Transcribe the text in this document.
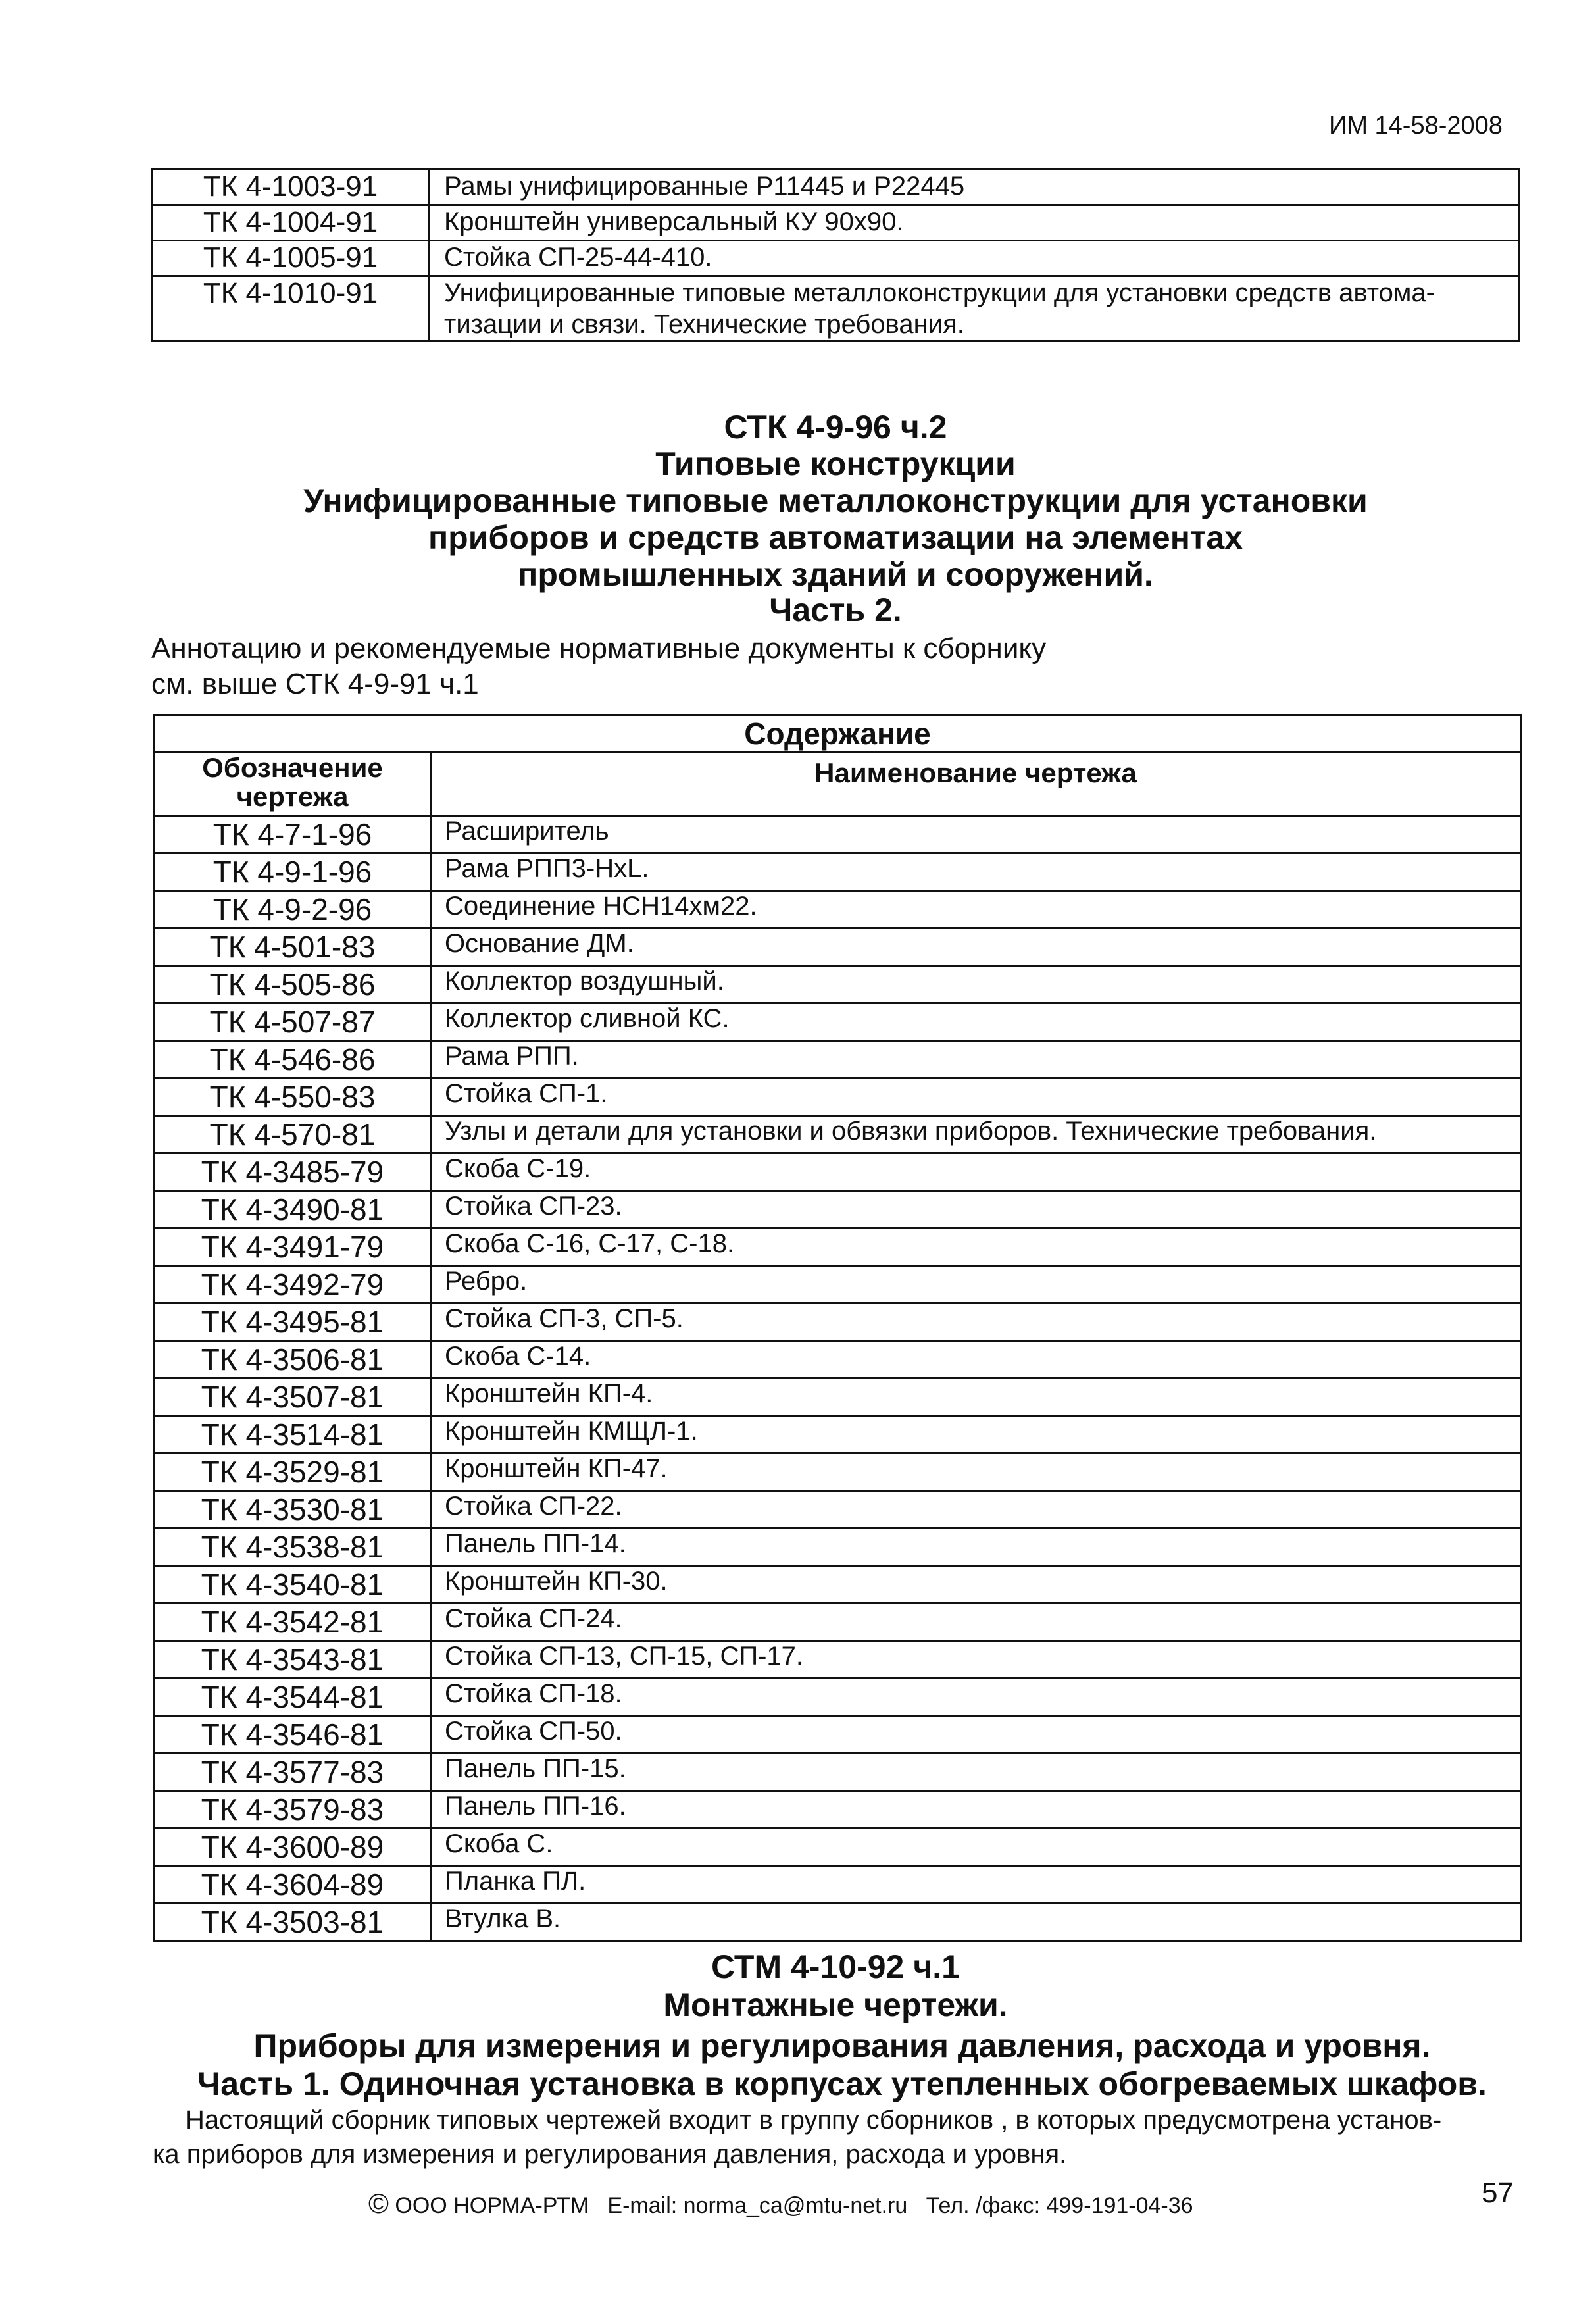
ИМ 14-58-2008
ТК 4-1003-91	Рамы унифицированные Р11445 и Р22445

ТК 4-1004-91	Кронштейн универсальный КУ 90х90.

ТК 4-1005-91	Стойка СП-25-44-410.

ТК 4-1010-91	Унифицированные типовые металлоконструкции для установки средств автома-
тизации и связи. Технические требования.
СТК 4-9-96 ч.2
Типовые конструкции
Унифицированные типовые металлоконструкции для установки
приборов и средств автоматизации на элементах
промышленных зданий и сооружений.
Часть 2.
Аннотацию и рекомендуемые нормативные документы к сборнику
см. выше СТК 4-9-91 ч.1
Содержание	
Обозначение чертежа	Наименование чертежа
ТК 4-7-1-96	Расширитель
ТК 4-9-1-96	Рама РПП3-НхL.
ТК 4-9-2-96	Соединение НСН14хм22.
ТК 4-501-83	Основание ДМ.
ТК 4-505-86	Коллектор воздушный.
ТК 4-507-87	Коллектор сливной КС.
ТК 4-546-86	Рама РПП.
ТК 4-550-83	Стойка СП-1.
ТК 4-570-81	Узлы и детали для установки и обвязки приборов. Технические требования.
ТК 4-3485-79	Скоба С-19.
ТК 4-3490-81	Стойка СП-23.
ТК 4-3491-79	Скоба С-16, С-17, С-18.
ТК 4-3492-79	Ребро.
ТК 4-3495-81	Стойка СП-3, СП-5.
ТК 4-3506-81	Скоба С-14.
ТК 4-3507-81	Кронштейн КП-4.
ТК 4-3514-81	Кронштейн КМЩЛ-1.
ТК 4-3529-81	Кронштейн КП-47.
ТК 4-3530-81	Стойка СП-22.
ТК 4-3538-81	Панель ПП-14.
ТК 4-3540-81	Кронштейн КП-30.
ТК 4-3542-81	Стойка СП-24.
ТК 4-3543-81	Стойка СП-13, СП-15, СП-17.
ТК 4-3544-81	Стойка СП-18.
ТК 4-3546-81	Стойка СП-50.
ТК 4-3577-83	Панель ПП-15.
ТК 4-3579-83	Панель ПП-16.
ТК 4-3600-89	Скоба С.
ТК 4-3604-89	Планка ПЛ.
ТК 4-3503-81	Втулка В.
СТМ 4-10-92 ч.1
Монтажные чертежи.
Приборы для измерения и регулирования давления, расхода и уровня.
Часть 1. Одиночная установка в корпусах утепленных обогреваемых шкафов.
Настоящий сборник типовых чертежей входит в группу сборников , в которых предусмотрена установ-
ка приборов для измерения и регулирования давления, расхода и уровня.
© ООО НОРМА-РТМ E-mail: norma_ca@mtu-net.ru Тел. /факс: 499-191-04-36	57
